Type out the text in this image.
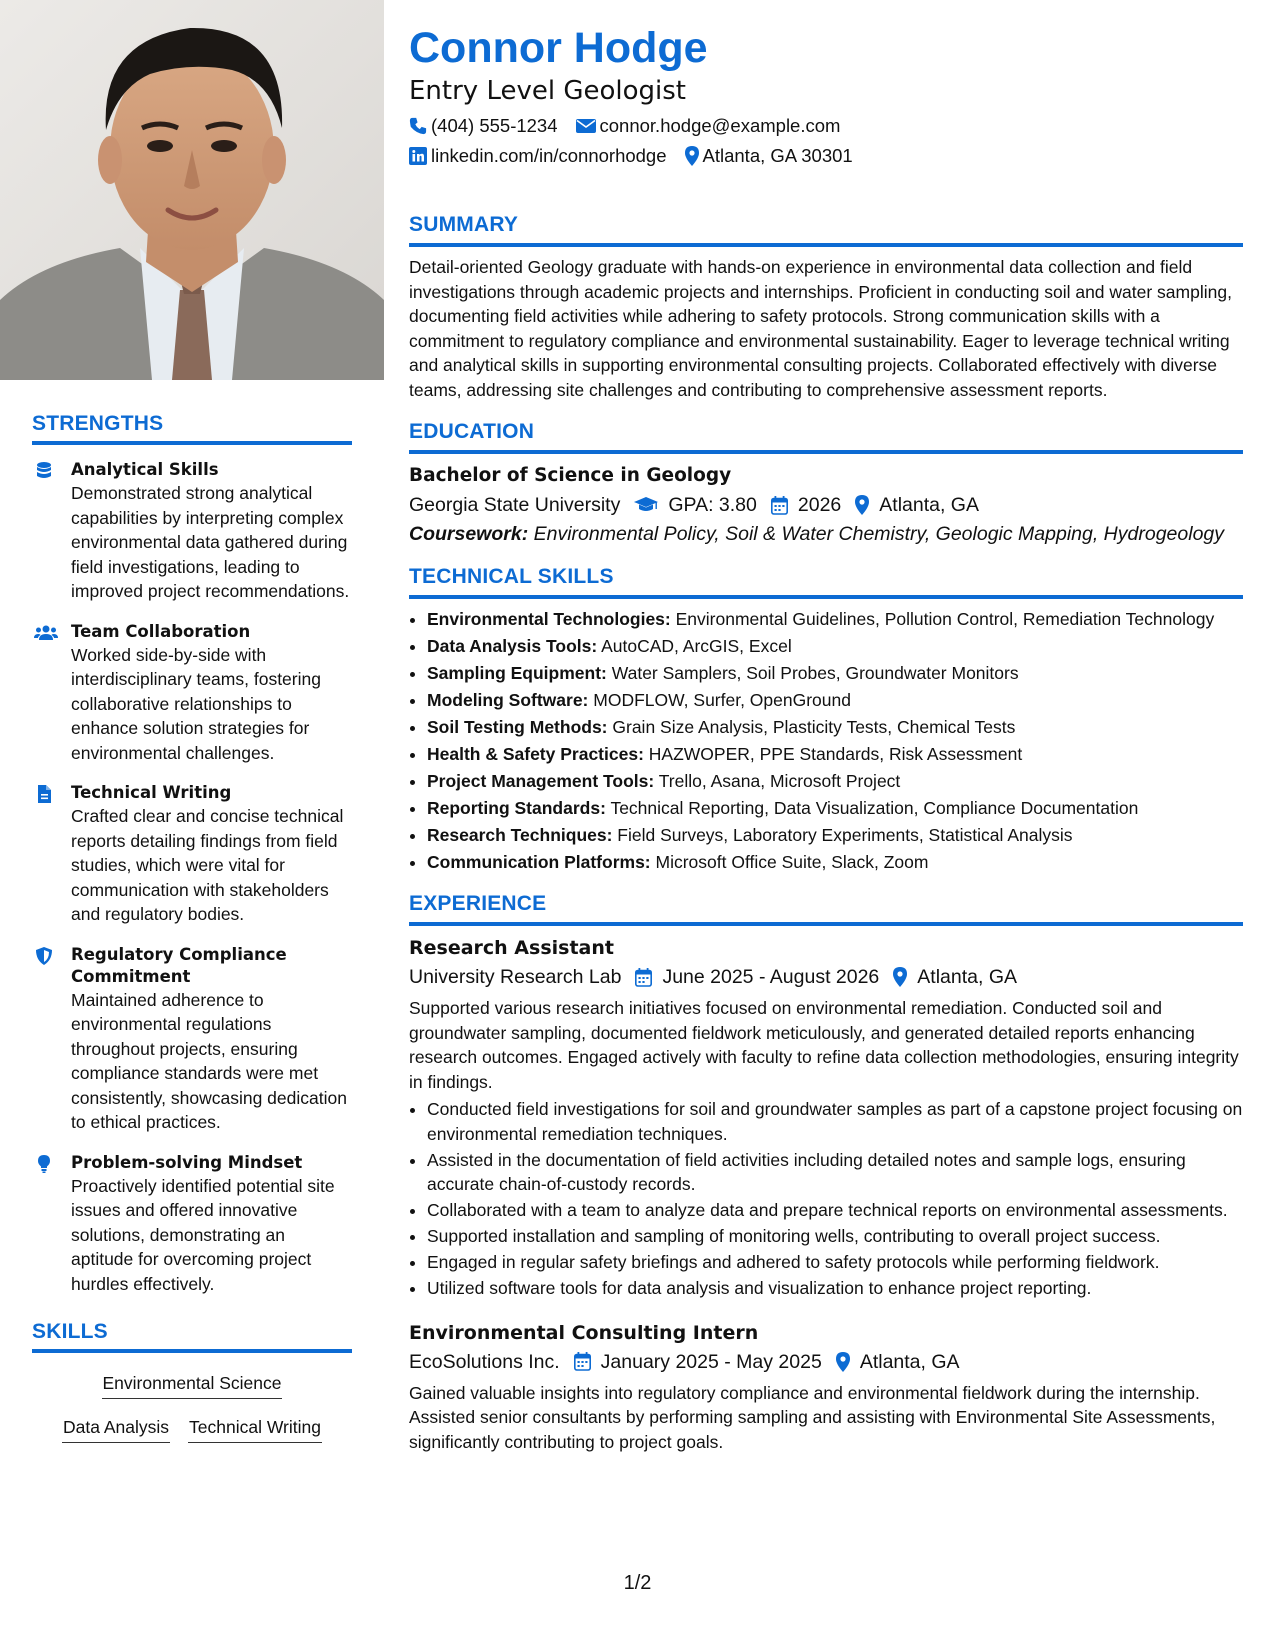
STRENGTHS
Analytical Skills
Demonstrated strong analytical capabilities by interpreting complex environmental data gathered during field investigations, leading to improved project recommendations.
Team Collaboration
Worked side-by-side with interdisciplinary teams, fostering collaborative relationships to enhance solution strategies for environmental challenges.
Technical Writing
Crafted clear and concise technical reports detailing findings from field studies, which were vital for communication with stakeholders and regulatory bodies.
Regulatory Compliance Commitment
Maintained adherence to environmental regulations throughout projects, ensuring compliance standards were met consistently, showcasing dedication to ethical practices.
Problem-solving Mindset
Proactively identified potential site issues and offered innovative solutions, demonstrating an aptitude for overcoming project hurdles effectively.
SKILLS
Environmental Science
Data Analysis Technical Writing
Connor Hodge
Entry Level Geologist
(404) 555-1234 connor.hodge@example.com
linkedin.com/in/connorhodge Atlanta, GA 30301
SUMMARY

Detail-oriented Geology graduate with hands-on experience in environmental data collection and field investigations through academic projects and internships. Proficient in conducting soil and water sampling, documenting field activities while adhering to safety protocols. Strong communication skills with a commitment to regulatory compliance and environmental sustainability. Eager to leverage technical writing and analytical skills in supporting environmental consulting projects. Collaborated effectively with diverse teams, addressing site challenges and contributing to comprehensive assessment reports.

EDUCATION
Bachelor of Science in Geology
Georgia State University GPA: 3.80 2026 Atlanta, GA
Coursework: Environmental Policy, Soil & Water Chemistry, Geologic Mapping, Hydrogeology
TECHNICAL SKILLS
• Environmental Technologies: Environmental Guidelines, Pollution Control, Remediation Technology
• Data Analysis Tools: AutoCAD, ArcGIS, Excel
• Sampling Equipment: Water Samplers, Soil Probes, Groundwater Monitors
• Modeling Software: MODFLOW, Surfer, OpenGround
• Soil Testing Methods: Grain Size Analysis, Plasticity Tests, Chemical Tests
• Health & Safety Practices: HAZWOPER, PPE Standards, Risk Assessment
• Project Management Tools: Trello, Asana, Microsoft Project
• Reporting Standards: Technical Reporting, Data Visualization, Compliance Documentation
• Research Techniques: Field Surveys, Laboratory Experiments, Statistical Analysis
• Communication Platforms: Microsoft Office Suite, Slack, Zoom
EXPERIENCE
Research Assistant
University Research Lab June 2025 - August 2026 Atlanta, GA

Supported various research initiatives focused on environmental remediation. Conducted soil and groundwater sampling, documented fieldwork meticulously, and generated detailed reports enhancing research outcomes. Engaged actively with faculty to refine data collection methodologies, ensuring integrity in findings.

• Conducted field investigations for soil and groundwater samples as part of a capstone project focusing on environmental remediation techniques.
• Assisted in the documentation of field activities including detailed notes and sample logs, ensuring accurate chain-of-custody records.
• Collaborated with a team to analyze data and prepare technical reports on environmental assessments.
• Supported installation and sampling of monitoring wells, contributing to overall project success.
• Engaged in regular safety briefings and adhered to safety protocols while performing fieldwork.
• Utilized software tools for data analysis and visualization to enhance project reporting.
Environmental Consulting Intern
EcoSolutions Inc. January 2025 - May 2025 Atlanta, GA

Gained valuable insights into regulatory compliance and environmental fieldwork during the internship. Assisted senior consultants by performing sampling and assisting with Environmental Site Assessments, significantly contributing to project goals.

1/2
